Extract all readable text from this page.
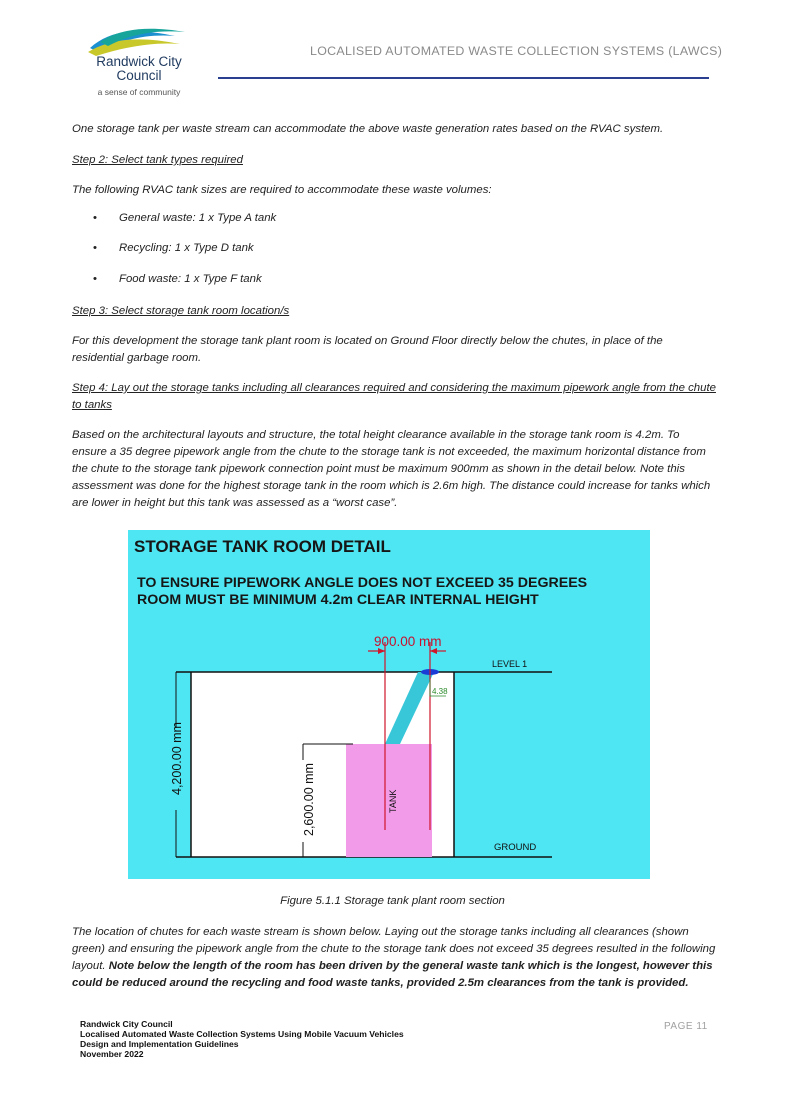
Randwick City
Council
a sense of community
LOCALISED AUTOMATED WASTE COLLECTION SYSTEMS (LAWCS)
One storage tank per waste stream can accommodate the above waste generation rates based on the RVAC system.
Step 2: Select tank types required
The following RVAC tank sizes are required to accommodate these waste volumes:
• General waste: 1 x Type A tank
• Recycling: 1 x Type D tank
• Food waste: 1 x Type F tank
Step 3: Select storage tank room location/s
For this development the storage tank plant room is located on Ground Floor directly below the chutes, in place of the residential garbage room.
Step 4: Lay out the storage tanks including all clearances required and considering the maximum pipework angle from the chute to tanks
Based on the architectural layouts and structure, the total height clearance available in the storage tank room is 4.2m. To ensure a 35 degree pipework angle from the chute to the storage tank is not exceeded, the maximum horizontal distance from the chute to the storage tank pipework connection point must be maximum 900mm as shown in the detail below. Note this assessment was done for the highest storage tank in the room which is 2.6m high. The distance could increase for tanks which are lower in height but this tank was assessed as a “worst case”.
STORAGE TANK ROOM DETAIL
TO ENSURE PIPEWORK ANGLE DOES NOT EXCEED 35 DEGREES
ROOM MUST BE MINIMUM 4.2m CLEAR INTERNAL HEIGHT
900.00 mm
4.38
4,200.00 mm
2,600.00 mm	TANK
LEVEL 1
GROUND
Figure 5.1.1 Storage tank plant room section
The location of chutes for each waste stream is shown below. Laying out the storage tanks including all clearances (shown green) and ensuring the pipework angle from the chute to the storage tank does not exceed 35 degrees resulted in the following layout. Note below the length of the room has been driven by the general waste tank which is the longest, however this could be reduced around the recycling and food waste tanks, provided 2.5m clearances from the tank is provided.
Randwick City Council
Localised Automated Waste Collection Systems Using Mobile Vacuum Vehicles
Design and Implementation Guidelines
November 2022
PAGE 11
